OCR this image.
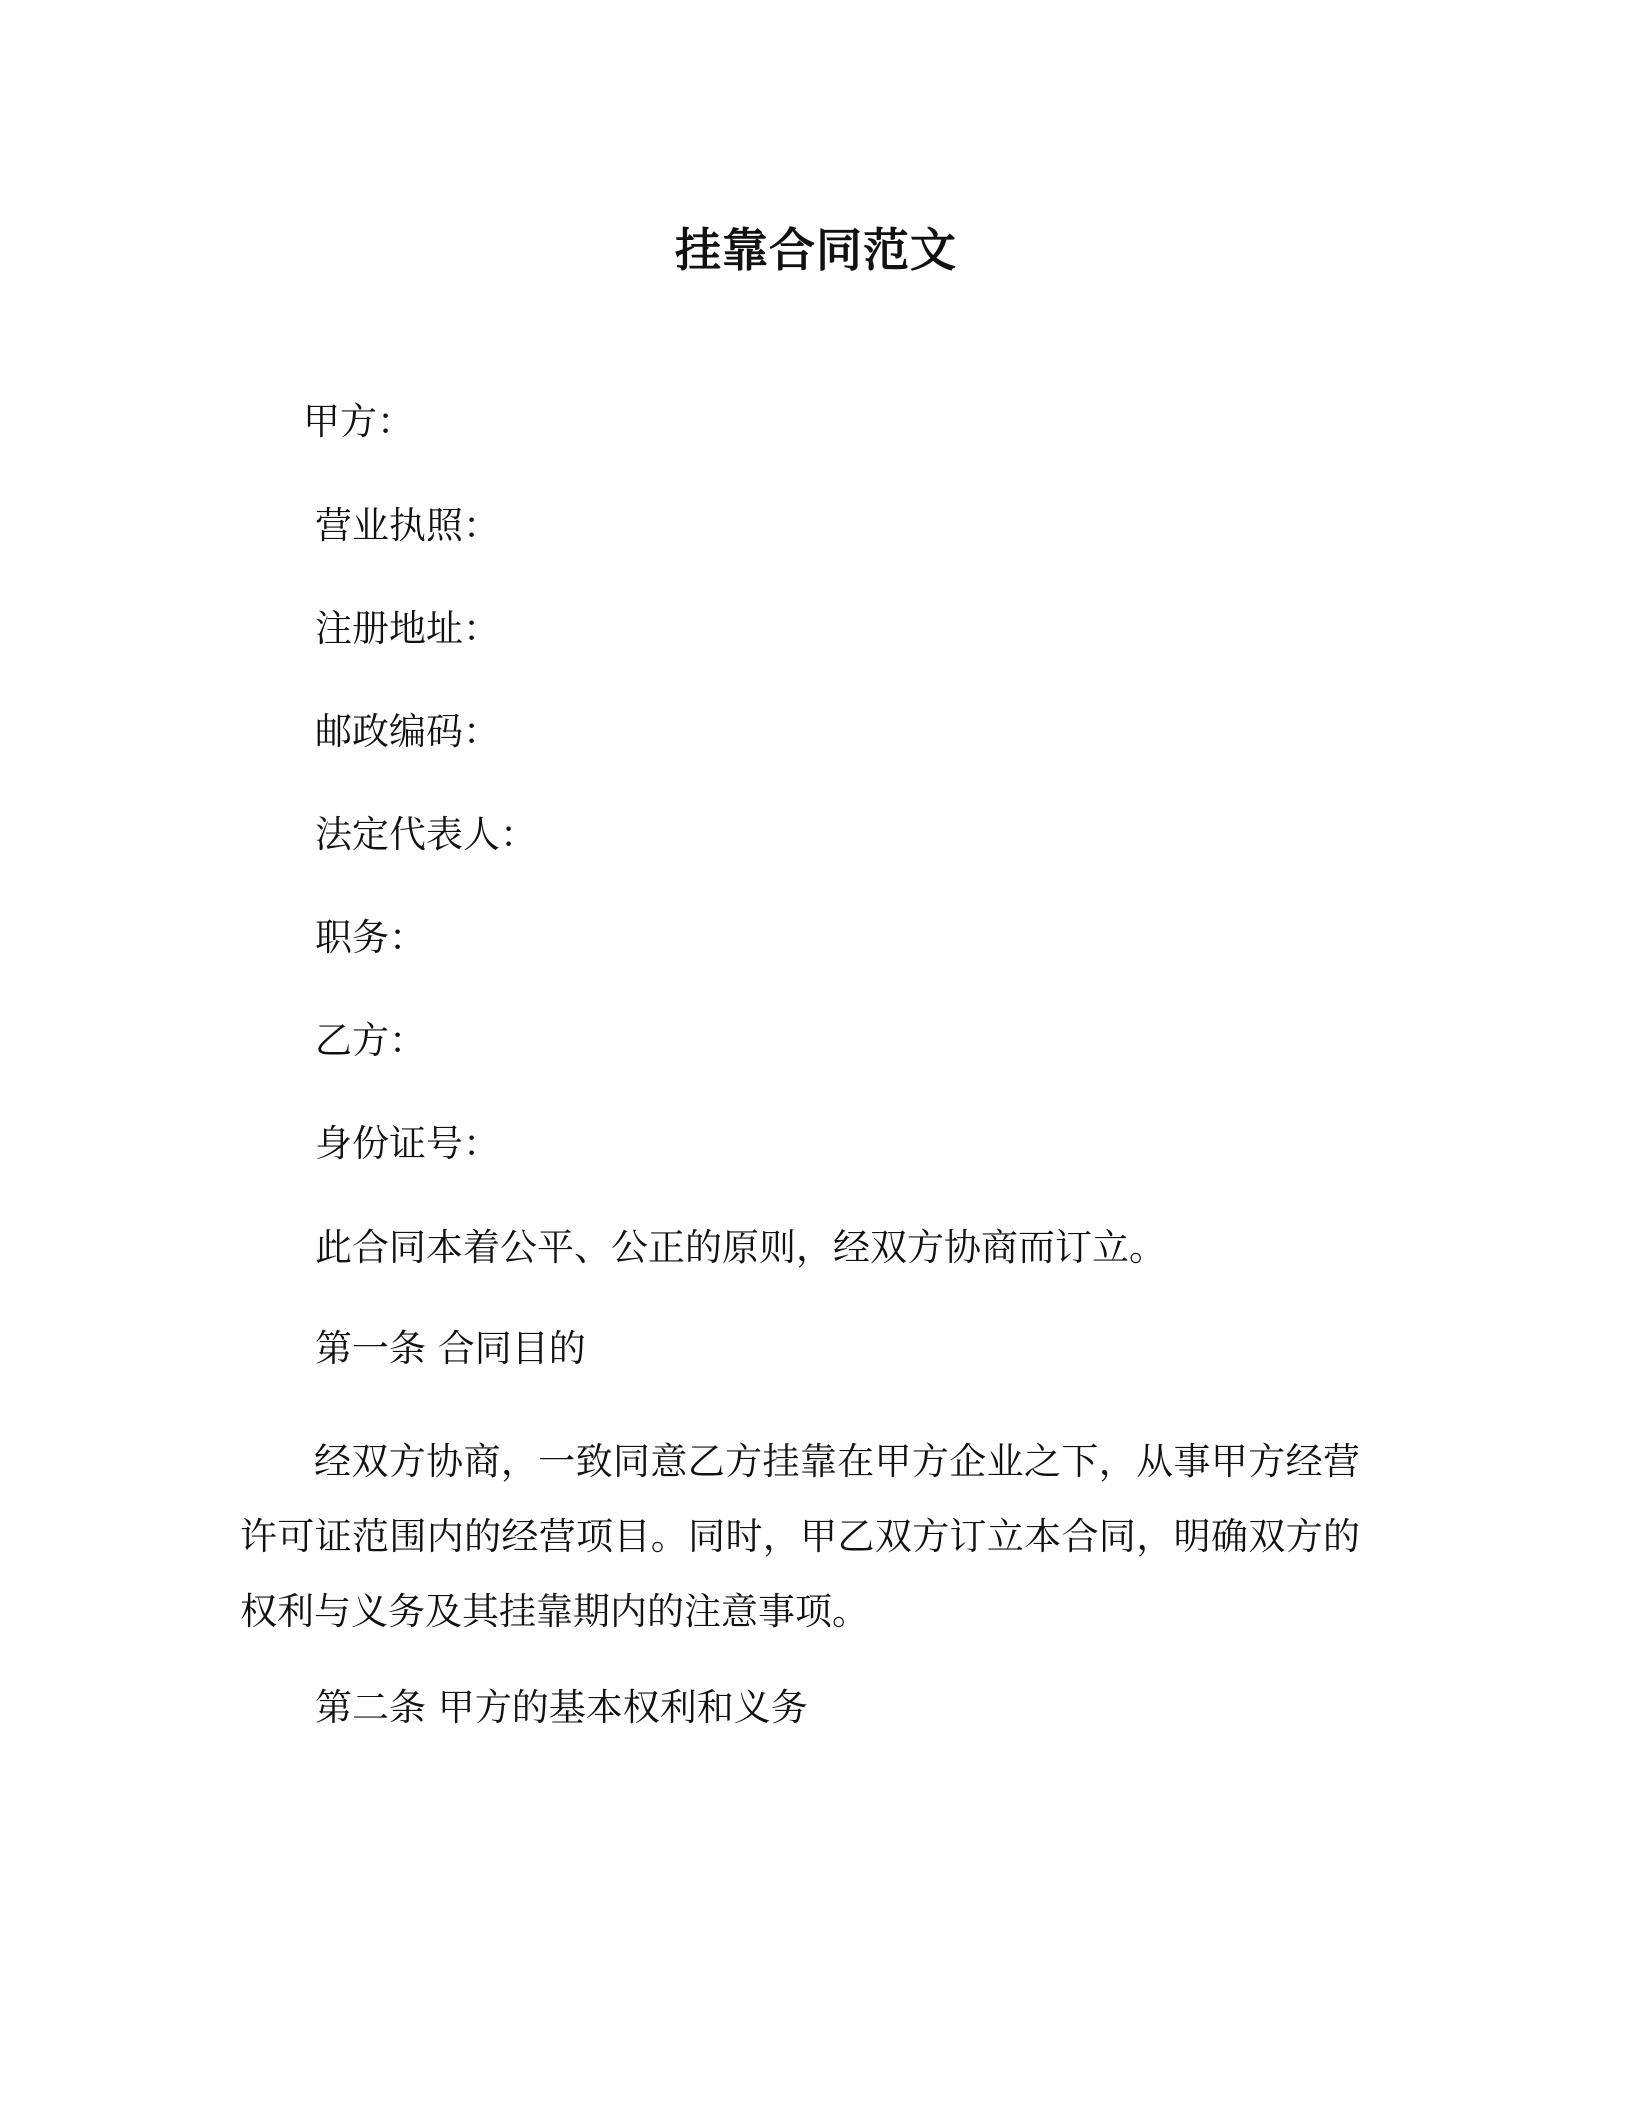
挂靠合同范文
甲方：
营业执照：
注册地址：
邮政编码：
法定代表人：
职务：
乙方：
身份证号：
此合同本着公平、公正的原则，经双方协商而订立。
第一条 合同目的
经双方协商，一致同意乙方挂靠在甲方企业之下，从事甲方经营许可证范围内的经营项目。同时，甲乙双方订立本合同，明确双方的权利与义务及其挂靠期内的注意事项。
第二条 甲方的基本权利和义务
